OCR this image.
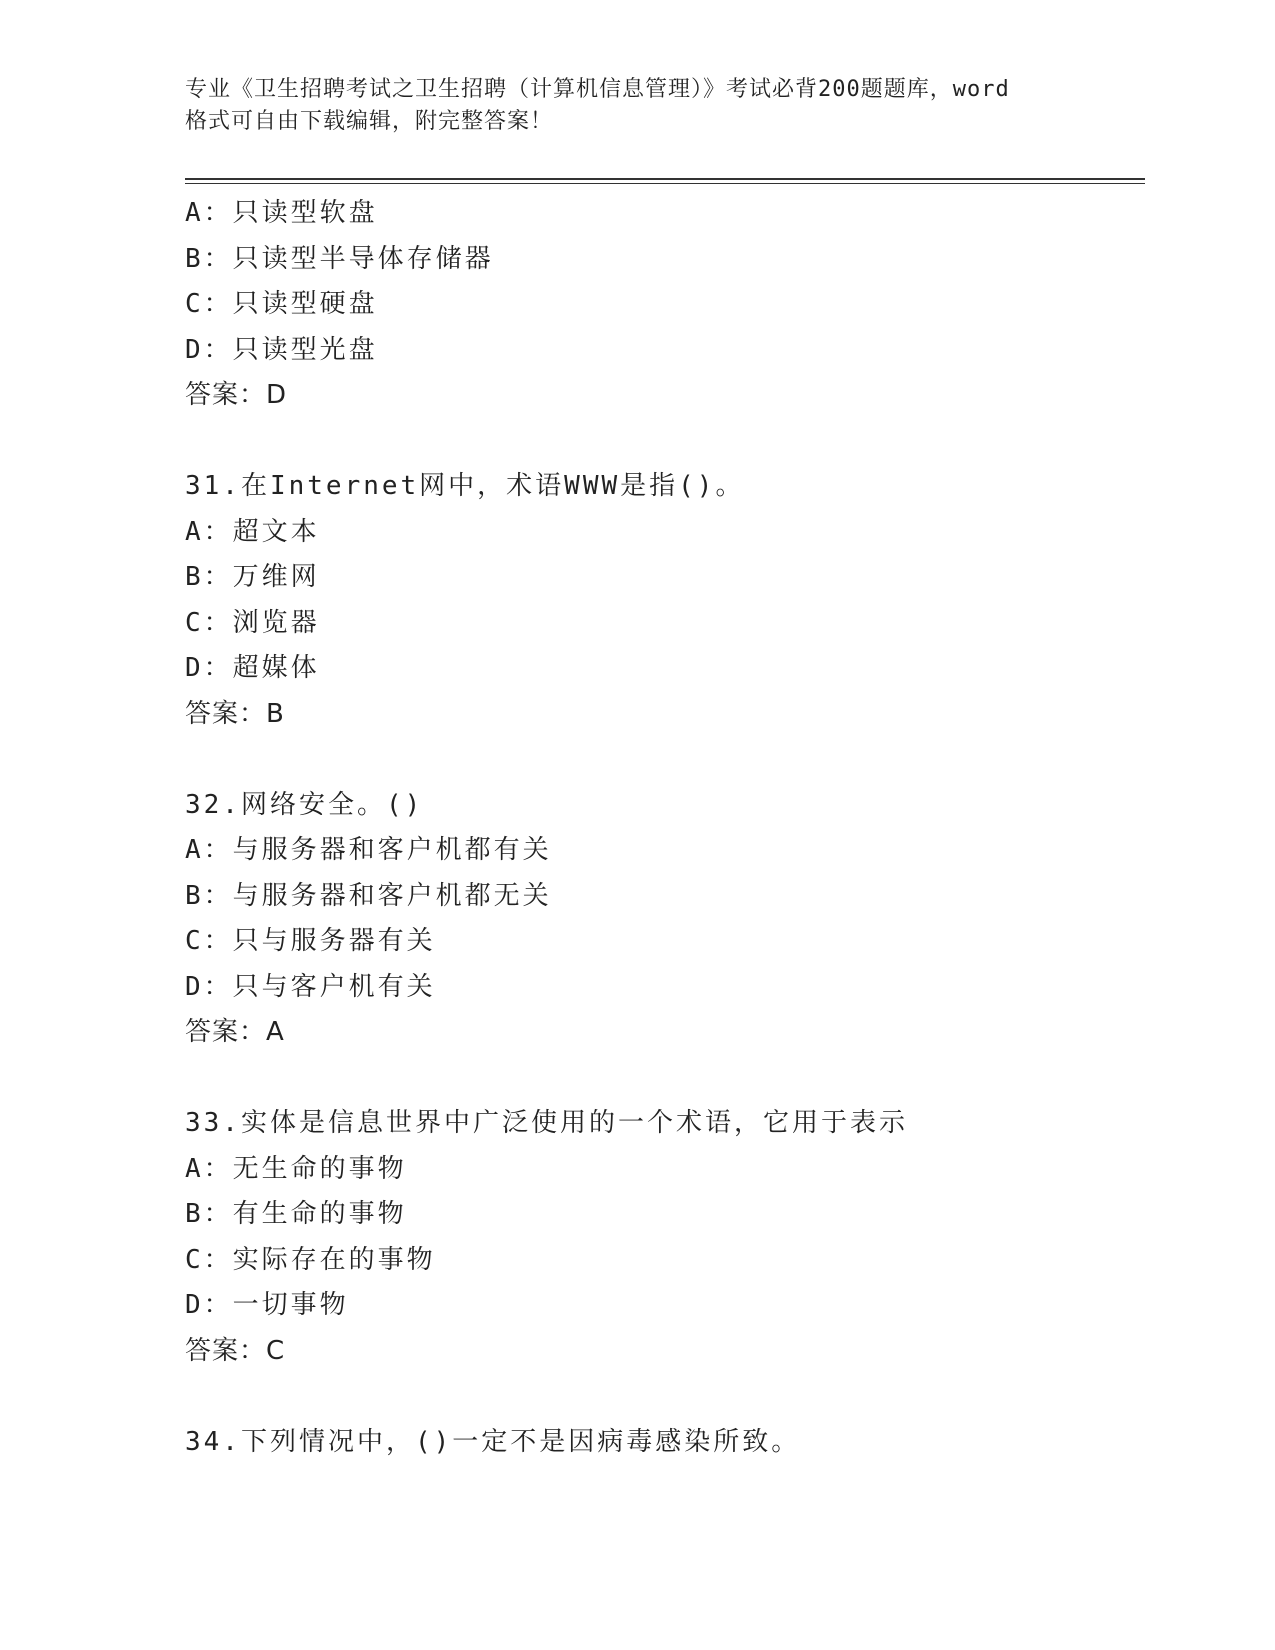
专业《卫生招聘考试之卫生招聘（计算机信息管理）》考试必背200题题库，word
格式可自由下载编辑，附完整答案！
A：只读型软盘
B：只读型半导体存储器
C：只读型硬盘
D：只读型光盘
答案：D
31.在Internet网中，术语WWW是指()。
A：超文本
B：万维网
C：浏览器
D：超媒体
答案：B
32.网络安全。()
A：与服务器和客户机都有关
B：与服务器和客户机都无关
C：只与服务器有关
D：只与客户机有关
答案：A
33.实体是信息世界中广泛使用的一个术语，它用于表示
A：无生命的事物
B：有生命的事物
C：实际存在的事物
D：一切事物
答案：C
34.下列情况中，()一定不是因病毒感染所致。
